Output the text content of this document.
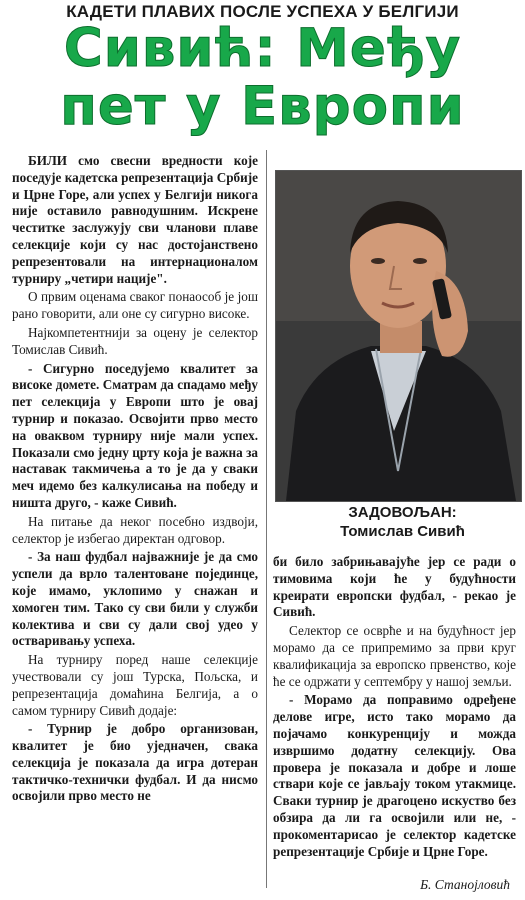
КАДЕТИ ПЛАВИХ ПОСЛЕ УСПЕХА У БЕЛГИЈИ
Сивић: Међу
пет у Европи

БИЛИ смо свесни вредности које поседује кадетска репрезентација Србије и Црне Горе, али успех у Белгији никога није оставило равнодушним. Искрене честитке заслужују сви чланови плаве селекције који су нас достојанствено репрезентовали на интернационалом турниру „четири нације".

О првим оценама сваког понаособ је још рано говорити, али оне су сигурно високе.

Најкомпетентнији за оцену је селектор Томислав Сивић.

- Сигурно поседујемо квалитет за високе домете. Сматрам да спадамо међу пет селекција у Европи што је овај турнир и показао. Освојити прво место на оваквом турниру није мали успех. Показали смо једну црту која је важна за наставак такмичења а то је да у сваки меч идемо без калкулисања на победу и ништа друго, - каже Сивић.

На питање да неког посебно издвоји, селектор је избегао директан одговор.

- За наш фудбал најважније је да смо успели да врло талентоване појединце, које имамо, уклопимо у снажан и хомоген тим. Тако су сви били у служби колектива и сви су дали свој удео у остваривању успеха.

На турниру поред наше селекције учествовали су још Турска, Пољска, и репрезентација домаћина Белгија, а о самом турниру Сивић додаје:

- Турнир је добро организован, квалитет је био уједначен, свака селекција је показала да игра дотеран тактичко-технички фудбал. И да нисмо освојили прво место не

ЗАДОВОЉАН:
Томислав Сивић

би било забрињавајуће јер се ради о тимовима који ће у будућности креирати европски фудбал, - рекао је Сивић.

Селектор се осврће и на будућност јер морамо да се припремимо за први круг квалификација за европско првенство, које ће се одржати у септембру у нашој земљи.

- Морамо да поправимо одређене делове игре, исто тако морамо да појачамо конкуренцију и можда извршимо додатну селекцију. Ова провера је показала и добре и лоше ствари које се јављају током утакмице. Сваки турнир је драгоцено искуство без обзира да ли га освојили или не, - прокоментарисао је селектор кадетске репрезентације Србије и Црне Горе.

Б. Станојловић
